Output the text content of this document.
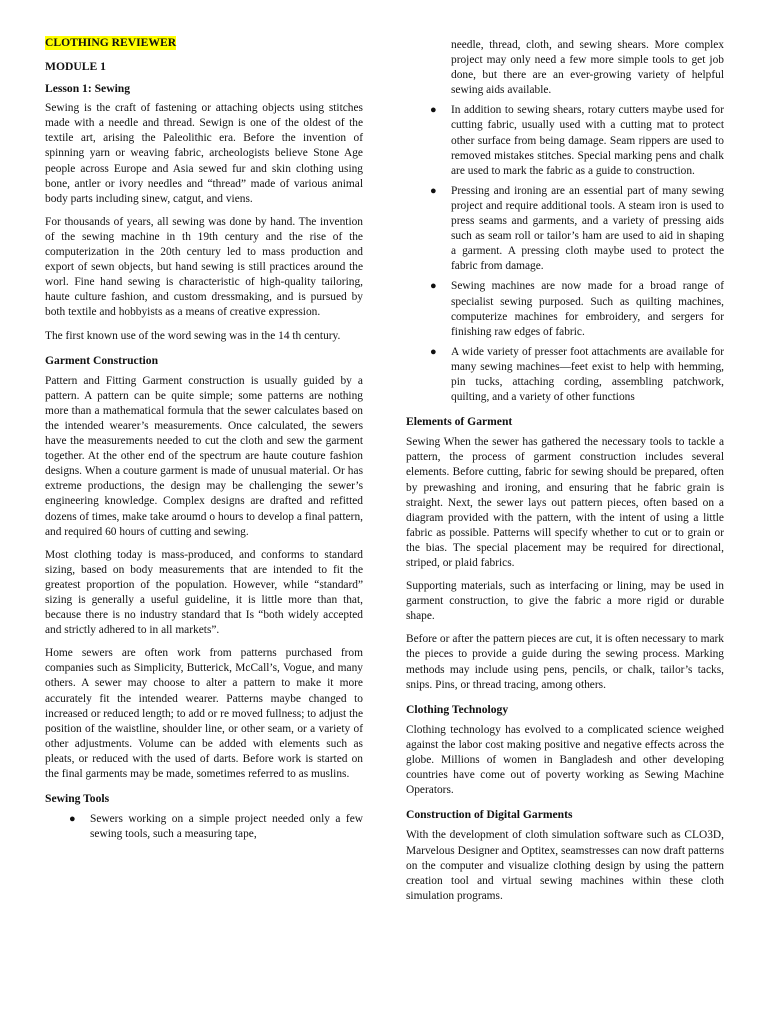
CLOTHING REVIEWER
MODULE 1
Lesson 1: Sewing

Sewing is the craft of fastening or attaching objects using stitches made with a needle and thread. Sewign is one of the oldest of the textile art, arising the Paleolithic era. Before the invention of spinning yarn or weaving fabric, archeologists believe Stone Age people across Europe and Asia sewed fur and skin clothing using bone, antler or ivory needles and “thread” made of various animal body parts including sinew, catgut, and viens.

For thousands of years, all sewing was done by hand. The invention of the sewing machine in th 19th century and the rise of the computerization in the 20th century led to mass production and export of sewn objects, but hand sewing is still practices around the worl. Fine hand sewing is characteristic of high-quality tailoring, haute culture fashion, and custom dressmaking, and is pursued by both textile and hobbyists as a means of creative expression.

The first known use of the word sewing was in the 14 th century.

Garment Construction

Pattern and Fitting Garment construction is usually guided by a pattern. A pattern can be quite simple; some patterns are nothing more than a mathematical formula that the sewer calculates based on the intended wearer’s measurements. Once calculated, the sewers have the measurements needed to cut the cloth and sew the garment together. At the other end of the spectrum are haute couture fashion designs. When a couture garment is made of unusual material. Or has extreme productions, the design may be challenging the sewer’s engineering knowledge. Complex designs are drafted and refitted dozens of times, make take aroumd o hours to develop a final pattern, and required 60 hours of cutting and sewing.

Most clothing today is mass-produced, and conforms to standard sizing, based on body measurements that are intended to fit the greatest proportion of the population. However, while “standard” sizing is generally a useful guideline, it is little more than that, because there is no industry standard that Is “both widely accepted and strictly adhered to in all markets”.

Home sewers are often work from patterns purchased from companies such as Simplicity, Butterick, McCall’s, Vogue, and many others. A sewer may choose to alter a pattern to make it more accurately fit the intended wearer. Patterns maybe changed to increased or reduced length; to add or re moved fullness; to adjust the position of the waistline, shoulder line, or other seam, or a variety of other adjustments. Volume can be added with elements such as pleats, or reduced with the used of darts. Before work is started on the final garments may be made, sometimes referred to as muslins.

Sewing Tools
● Sewers working on a simple project needed only a few sewing tools, such a measuring tape,
needle, thread, cloth, and sewing shears. More complex project may only need a few more simple tools to get job done, but there are an ever-growing variety of helpful sewing aids available.
● In addition to sewing shears, rotary cutters maybe used for cutting fabric, usually used with a cutting mat to protect other surface from being damage. Seam rippers are used to removed mistakes stitches. Special marking pens and chalk are used to mark the fabric as a guide to construction.
● Pressing and ironing are an essential part of many sewing project and require additional tools. A steam iron is used to press seams and garments, and a variety of pressing aids such as seam roll or tailor’s ham are used to aid in shaping a garment. A pressing cloth maybe used to protect the fabric from damage.
● Sewing machines are now made for a broad range of specialist sewing purposed. Such as quilting machines, computerize machines for embroidery, and sergers for finishing raw edges of fabric.
● A wide variety of presser foot attachments are available for many sewing machines—feet exist to help with hemming, pin tucks, attaching cording, assembling patchwork, quilting, and a variety of other functions
Elements of Garment

Sewing When the sewer has gathered the necessary tools to tackle a pattern, the process of garment construction includes several elements. Before cutting, fabric for sewing should be prepared, often by prewashing and ironing, and ensuring that he fabric grain is straight. Next, the sewer lays out pattern pieces, often based on a diagram provided with the pattern, with the intent of using a little fabric as possible. Patterns will specify whether to cut or to grain or the bias. The special placement may be required for directional, striped, or plaid fabrics.

Supporting materials, such as interfacing or lining, may be used in garment construction, to give the fabric a more rigid or durable shape.

Before or after the pattern pieces are cut, it is often necessary to mark the pieces to provide a guide during the sewing process. Marking methods may include using pens, pencils, or chalk, tailor’s tacks, snips. Pins, or thread tracing, among others.

Clothing Technology

Clothing technology has evolved to a complicated science weighed against the labor cost making positive and negative effects across the globe. Millions of women in Bangladesh and other developing countries have come out of poverty working as Sewing Machine Operators.

Construction of Digital Garments

With the development of cloth simulation software such as CLO3D, Marvelous Designer and Optitex, seamstresses can now draft patterns on the computer and visualize clothing design by using the pattern creation tool and virtual sewing machines within these cloth simulation programs.
